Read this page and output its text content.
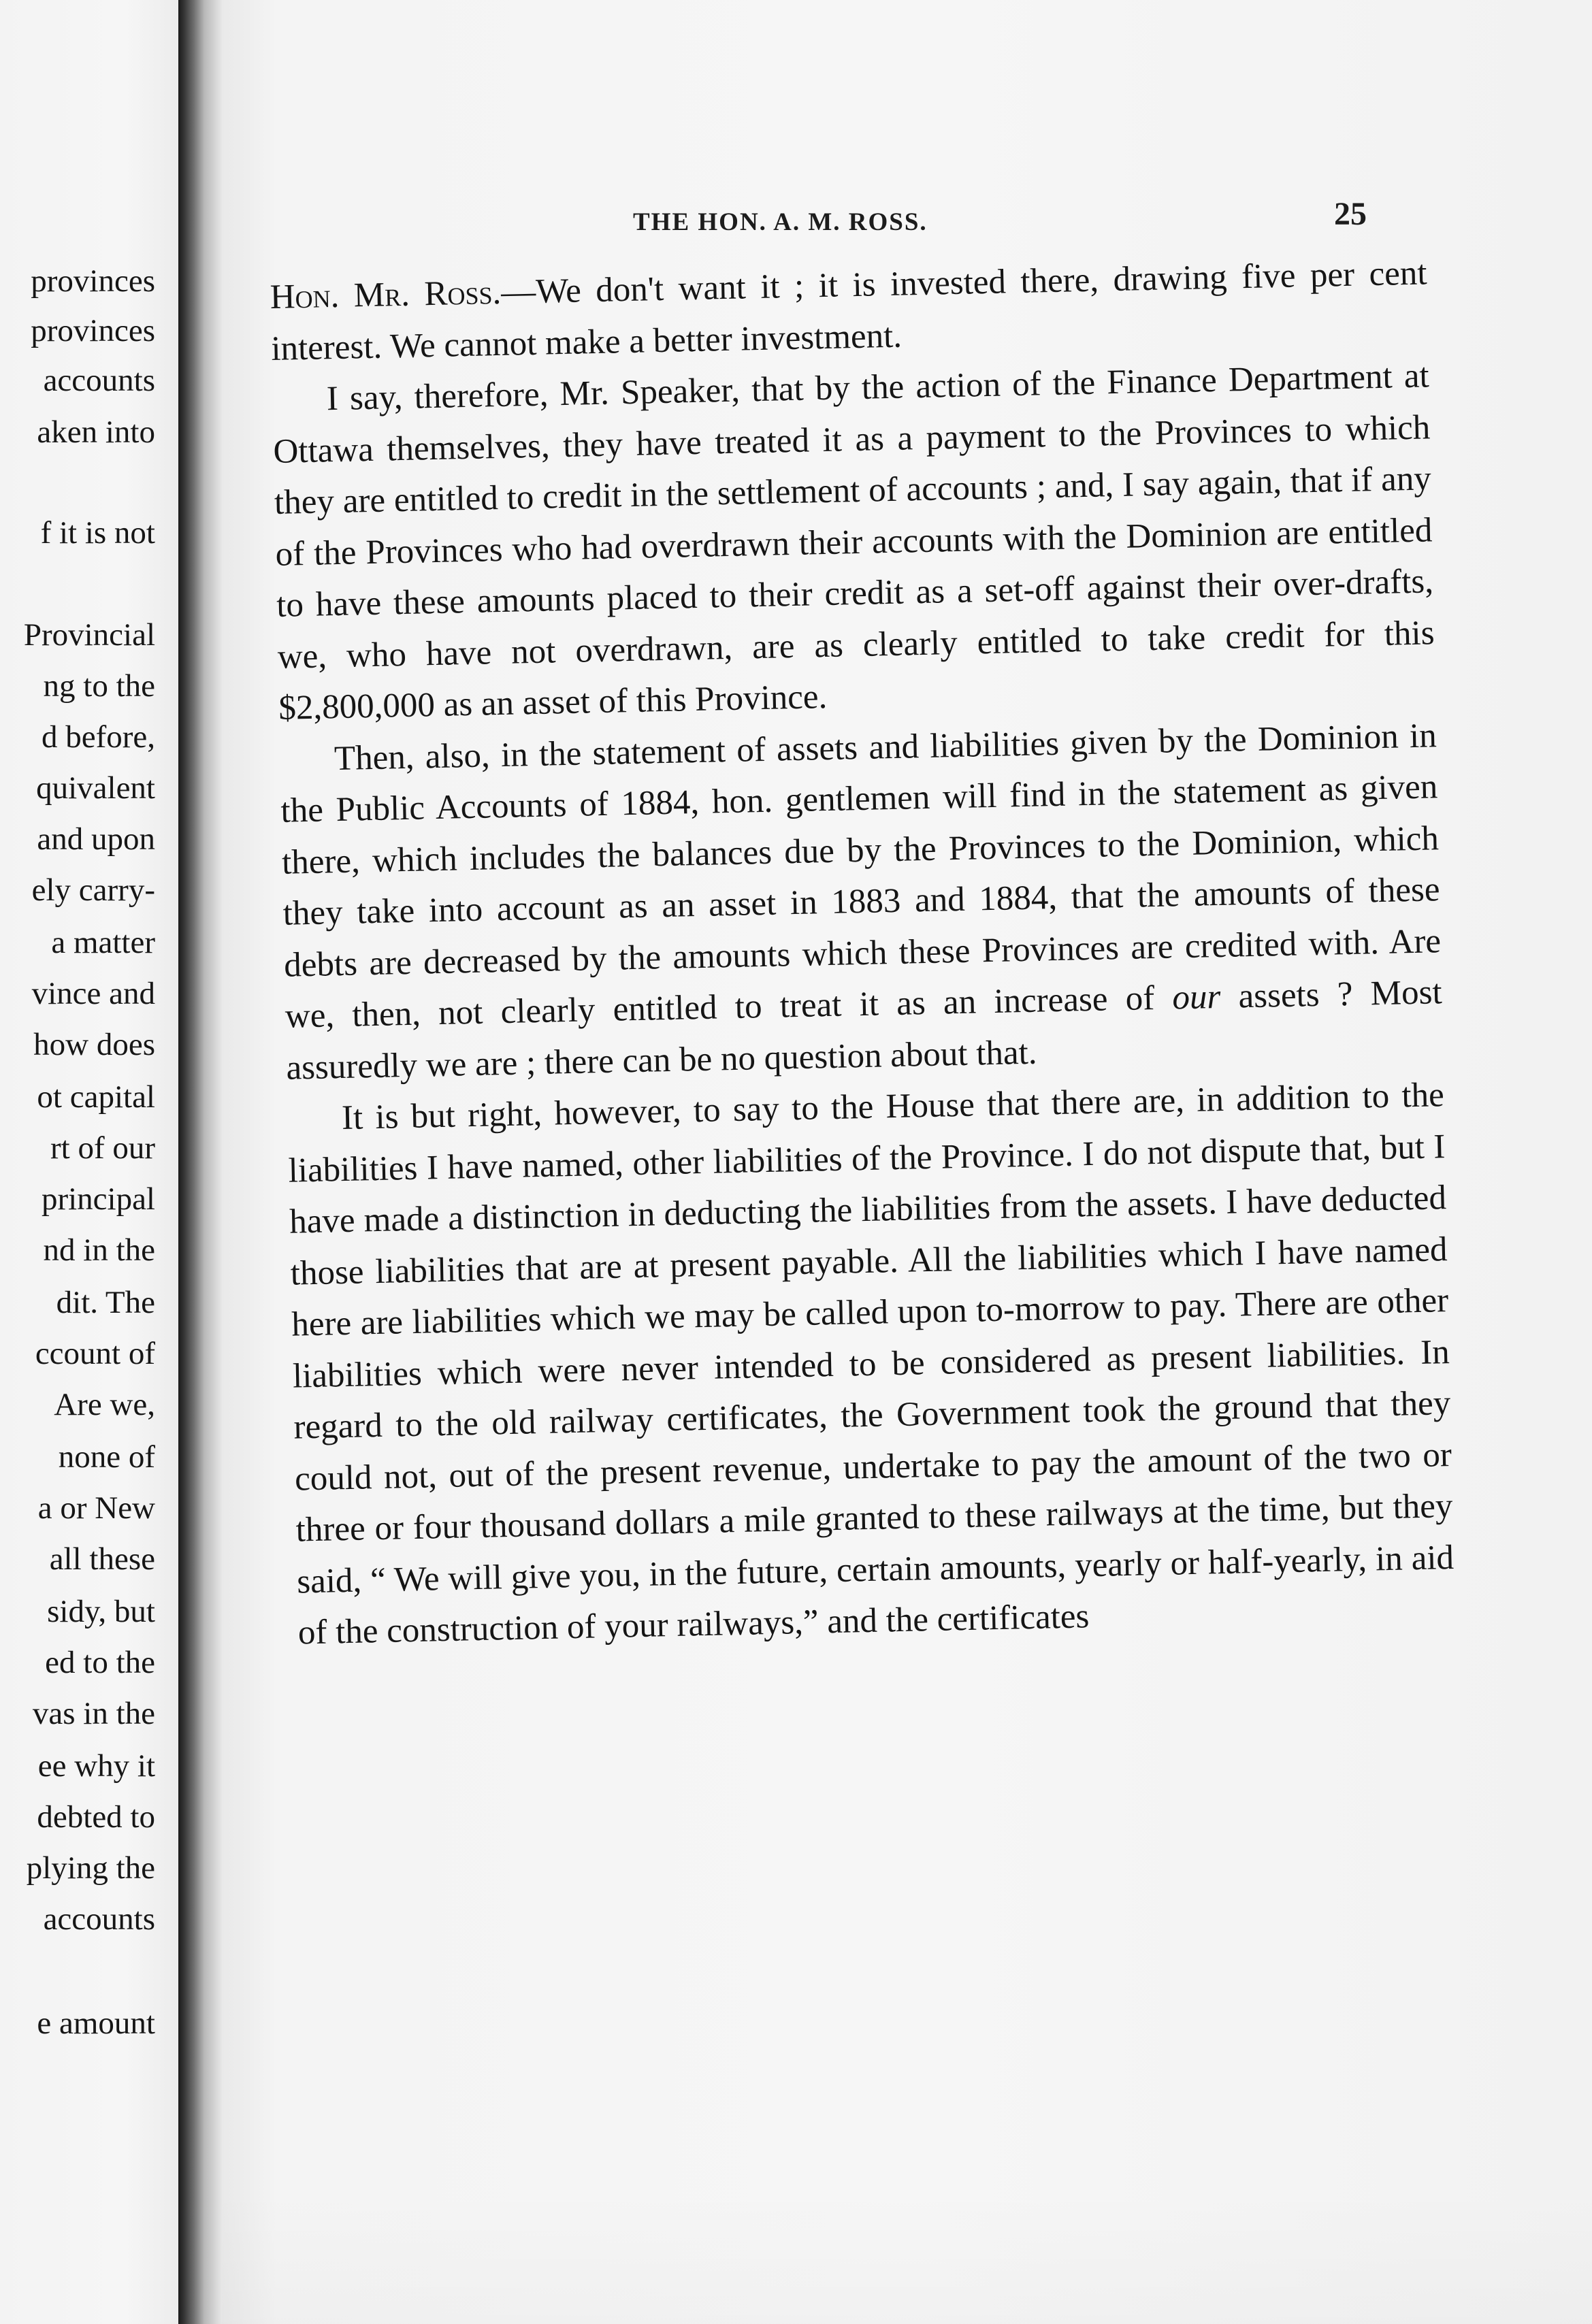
provinces

provinces

accounts

aken into

f it is not

Provincial

ng to the

d before,

quivalent

and upon

ely carry-

a matter

vince and

how does

ot capital

rt of our

principal

nd in the

dit. The

ccount of

Are we,

none of

a or New

all these

sidy, but

ed to the

vas in the

ee why it

debted to

plying the

accounts

e amount

THE HON. A. M. ROSS.	25

Hon. Mr. Ross.—We don't want it ; it is invested there, drawing five per cent interest. We cannot make a better investment.

I say, therefore, Mr. Speaker, that by the action of the Finance Department at Ottawa themselves, they have treated it as a payment to the Provinces to which they are entitled to credit in the settlement of accounts ; and, I say again, that if any of the Provinces who had overdrawn their accounts with the Dominion are entitled to have these amounts placed to their credit as a set-off against their over-drafts, we, who have not overdrawn, are as clearly entitled to take credit for this $2,800,000 as an asset of this Province.

Then, also, in the statement of assets and liabilities given by the Dominion in the Public Accounts of 1884, hon. gentlemen will find in the statement as given there, which includes the balances due by the Provinces to the Dominion, which they take into account as an asset in 1883 and 1884, that the amounts of these debts are decreased by the amounts which these Provinces are credited with. Are we, then, not clearly entitled to treat it as an increase of our assets ? Most assuredly we are ; there can be no question about that.

It is but right, however, to say to the House that there are, in addition to the liabilities I have named, other liabilities of the Province. I do not dispute that, but I have made a distinction in deducting the liabilities from the assets. I have deducted those liabilities that are at present payable. All the liabilities which I have named here are liabilities which we may be called upon to-morrow to pay. There are other liabilities which were never intended to be considered as present liabilities. In regard to the old railway certificates, the Government took the ground that they could not, out of the present revenue, undertake to pay the amount of the two or three or four thousand dollars a mile granted to these railways at the time, but they said, “ We will give you, in the future, certain amounts, yearly or half-yearly, in aid of the construction of your railways,” and the certificates
